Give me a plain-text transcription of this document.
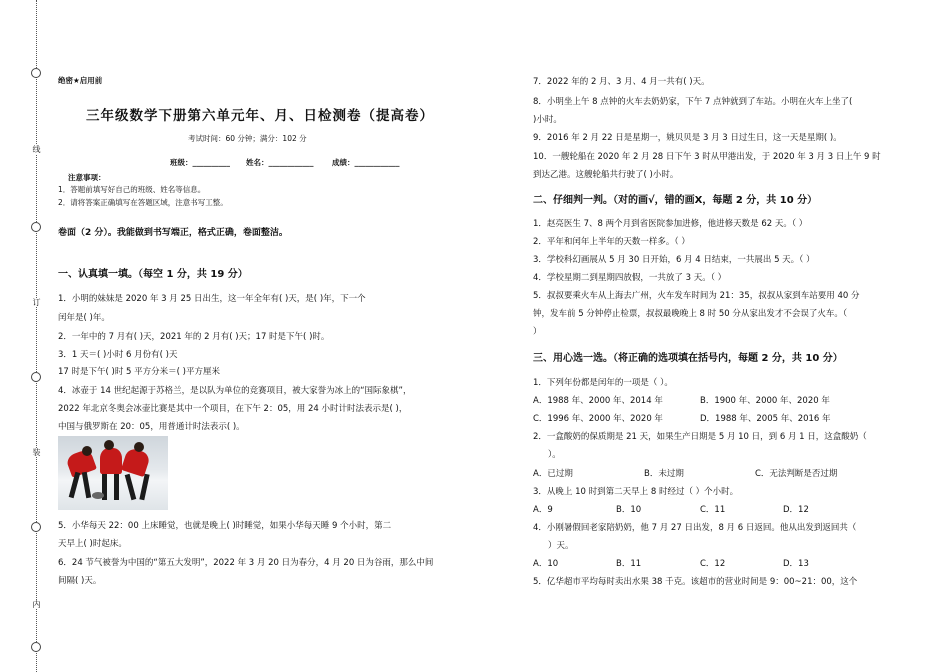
线
订
装
内
绝密★启用前
三年级数学下册第六单元年、月、日检测卷（提高卷）
考试时间：60 分钟；满分：102 分
班级：__________ 姓名：____________ 成绩：____________
注意事项：
1．答题前填写好自己的班级、姓名等信息。
2．请将答案正确填写在答题区域，注意书写工整。
卷面（2 分）。我能做到书写端正，格式正确，卷面整洁。
一、认真填一填。（每空 1 分，共 19 分）
1．小明的妹妹是 2020 年 3 月 25 日出生，这一年全年有( )天，是( )年，下一个
闰年是( )年。
2．一年中的 7 月有( )天，2021 年的 2 月有( )天；17 时是下午( )时。
3．1 天＝( )小时 6 月份有( )天
17 时是下午( )时 5 平方分米＝( )平方厘米
4．冰壶于 14 世纪起源于苏格兰，是以队为单位的竞赛项目，被大家誉为冰上的“国际象棋”，
2022 年北京冬奥会冰壶比赛是其中一个项目，在下午 2：05，用 24 小时计时法表示是( )，
中国与俄罗斯在 20：05，用普通计时法表示( )。
5．小华每天 22：00 上床睡觉，也就是晚上( )时睡觉，如果小华每天睡 9 个小时，第二
天早上( )时起床。
6．24 节气被誉为中国的“第五大发明”，2022 年 3 月 20 日为春分，4 月 20 日为谷雨，那么中间
间隔( )天。
7．2022 年的 2 月、3 月、4 月一共有( )天。
8．小明坐上午 8 点钟的火车去奶奶家，下午 7 点钟就到了车站。小明在火车上坐了(
)小时。
9．2016 年 2 月 22 日是星期一，姚贝贝是 3 月 3 日过生日，这一天是星期( )。
10．一艘轮船在 2020 年 2 月 28 日下午 3 时从甲港出发，于 2020 年 3 月 3 日上午 9 时
到达乙港。这艘轮船共行驶了( )小时。
二、仔细判一判。（对的画√，错的画X，每题 2 分，共 10 分）
1．赵亮医生 7、8 两个月到省医院参加进修，他进修天数是 62 天。（ ）
2．平年和闰年上半年的天数一样多。（ ）
3．学校科幻画展从 5 月 30 日开始，6 月 4 日结束，一共展出 5 天。（ ）
4．学校星期二到星期四放假，一共放了 3 天。（ ）
5．叔叔要乘火车从上海去广州，火车发车时间为 21：35，叔叔从家到车站要用 40 分
钟，发车前 5 分钟停止检票，叔叔最晚晚上 8 时 50 分从家出发才不会误了火车。（
）
三、用心选一选。（将正确的选项填在括号内，每题 2 分，共 10 分）
1．下列年份都是闰年的一项是（ ）。
A．1988 年、2000 年、2014 年	B．1900 年、2000 年、2020 年
C．1996 年、2000 年、2020 年	D．1988 年、2005 年、2016 年
2．一盒酸奶的保质期是 21 天，如果生产日期是 5 月 10 日，到 6 月 1 日，这盒酸奶（
）。
A．已过期	B．未过期	C．无法判断是否过期
3．从晚上 10 时到第二天早上 8 时经过（ ）个小时。
A．9	B．10	C．11	D．12
4．小刚暑假回老家陪奶奶，他 7 月 27 日出发，8 月 6 日返回。他从出发到返回共（
）天。
A．10	B．11	C．12	D．13
5．亿华超市平均每时卖出水果 38 千克。该超市的营业时间是 9：00~21：00，这个
